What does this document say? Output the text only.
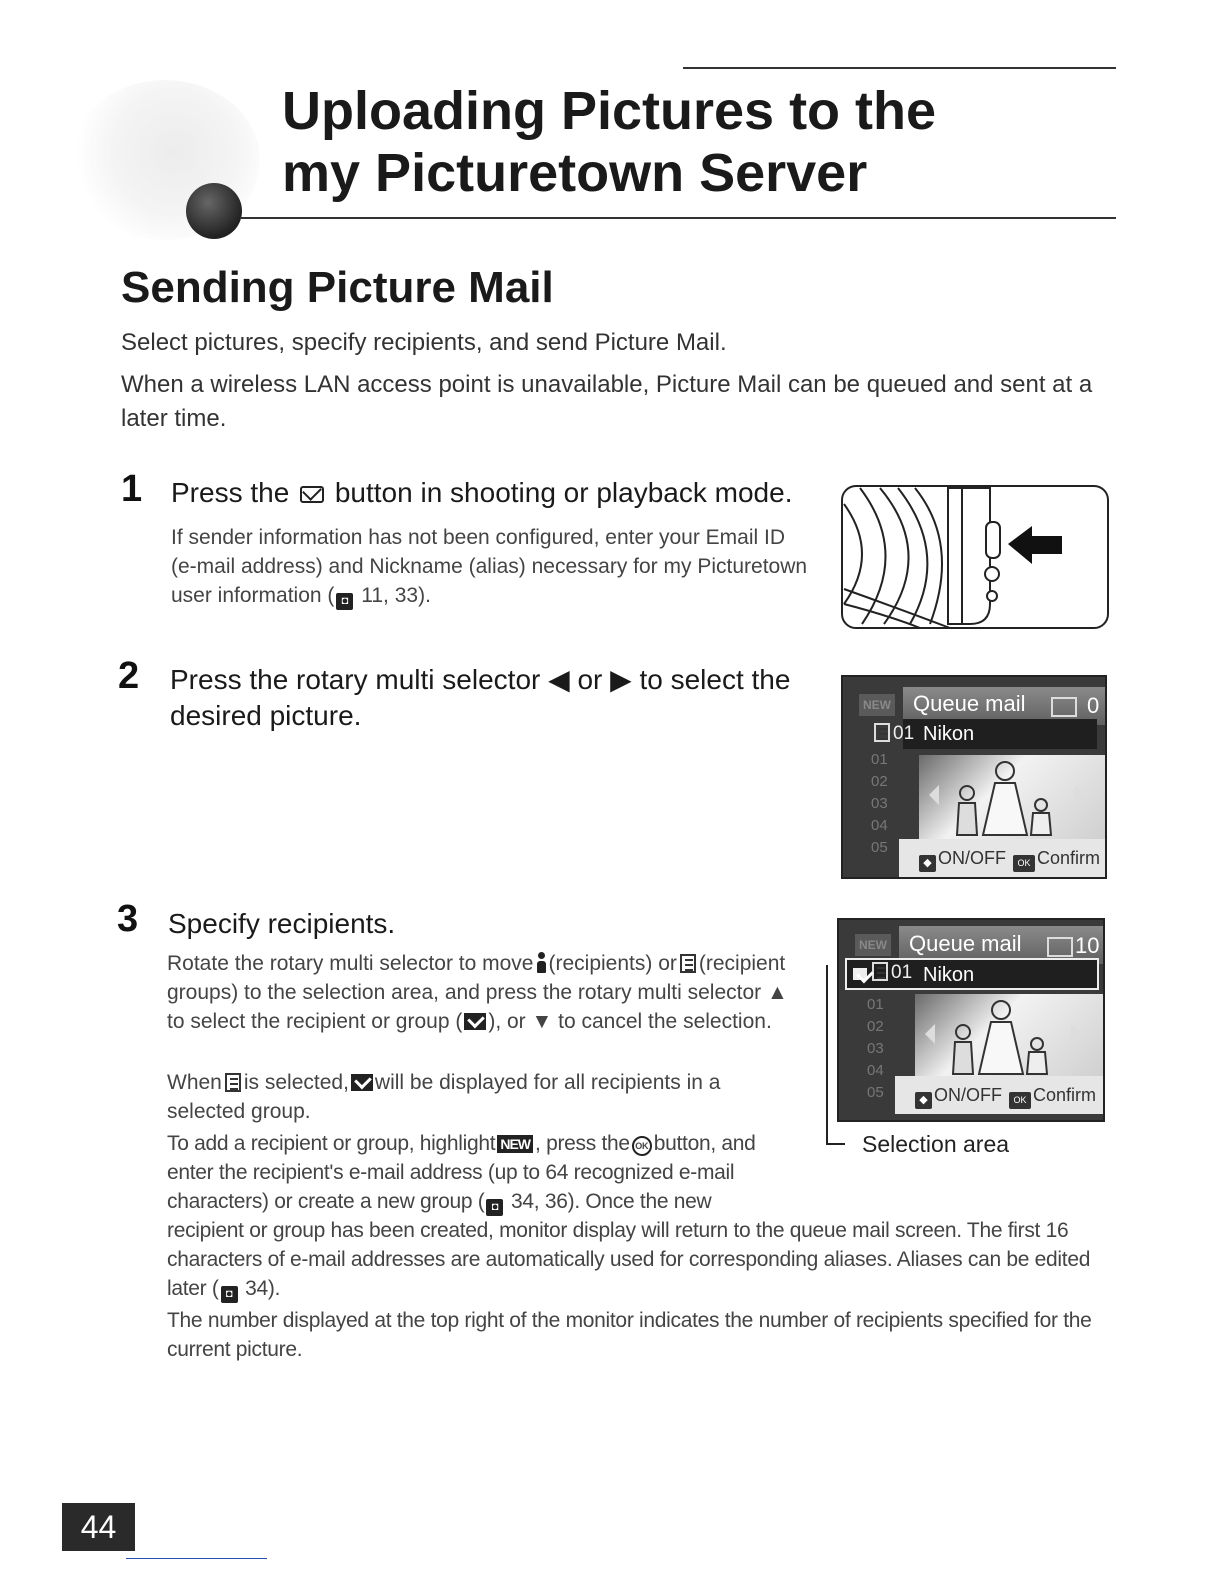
Uploading Pictures to the
my Picturetown Server
Sending Picture Mail
Select pictures, specify recipients, and send Picture Mail.
When a wireless LAN access point is unavailable, Picture Mail can be queued and sent at a later time.
1 Press the button in shooting or playback mode.
If sender information has not been configured, enter your Email ID (e-mail address) and Nickname (alias) necessary for my Picturetown user information ( ◘ 11, 33).
2 Press the rotary multi selector ◀ or ▶ to select the desired picture.	NEW Queue mail	0
Nikon
01
01
02
03
04
05
◆ ON/OFF OK Confirm
3 Specify recipients.
Rotate the rotary multi selector to move (recipients) or (recipient groups) to the selection area, and press the rotary multi selector ▲ to select the recipient or group ( ), or ▼ to cancel the selection.
When is selected, will be displayed for all recipients in a selected group.
To add a recipient or group, highlight NEW , press the OK button, and enter the recipient's e-mail address (up to 64 recognized e-mail characters) or create a new group ( ◘ 34, 36). Once the new
recipient or group has been created, monitor display will return to the queue mail screen. The first 16 characters of e-mail addresses are automatically used for corresponding aliases. Aliases can be edited later ( ◘ 34).
The number displayed at the top right of the monitor indicates the number of recipients specified for the current picture.
NEW Queue mail 10
Nikon
01
01
02
03
04
05	◆ ON/OFF OK Confirm
Selection area
44
